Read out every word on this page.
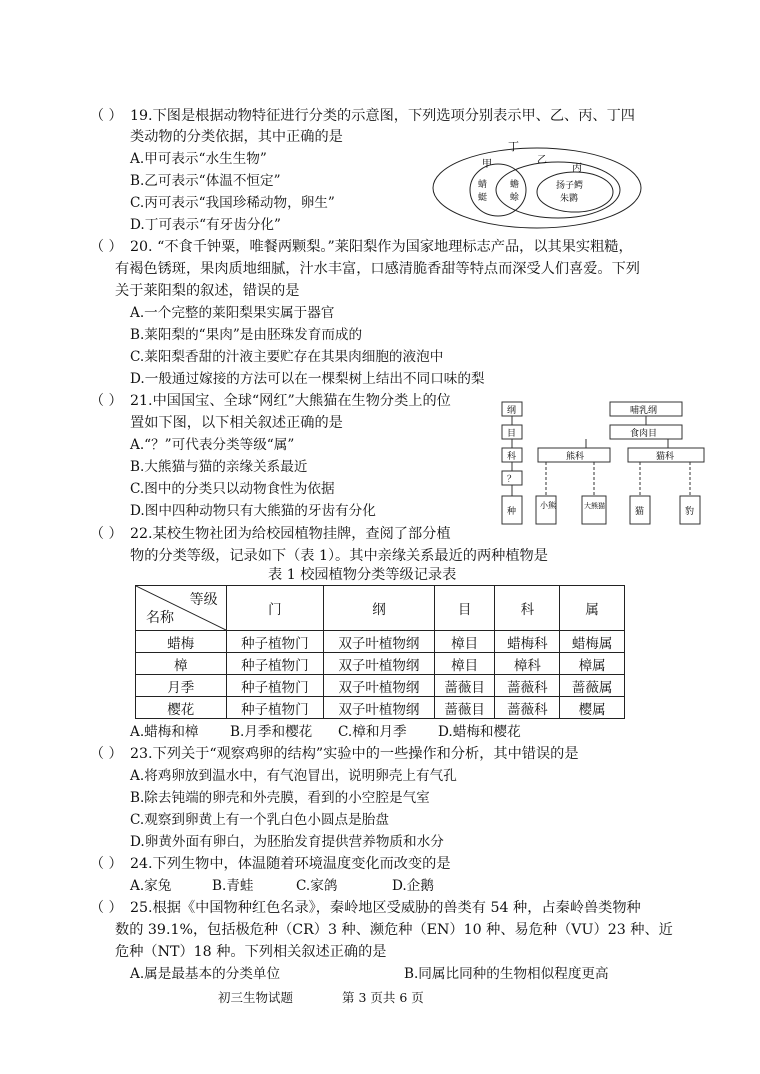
（ ） 19.下图是根据动物特征进行分类的示意图，下列选项分别表示甲、乙、丙、丁四
类动物的分类依据，其中正确的是
A.甲可表示“水生生物”
B.乙可表示“体温不恒定”
C.丙可表示“我国珍稀动物，卵生”
D.丁可表示“有牙齿分化”
丁
甲	乙
丙
蜻
蜓
蟾
蜍
扬子鳄
朱鹮
（ ） 20. “不食千钟粟，唯餐两颗梨。”莱阳梨作为国家地理标志产品，以其果实粗糙，
有褐色锈斑，果肉质地细腻，汁水丰富，口感清脆香甜等特点而深受人们喜爱。下列
关于莱阳梨的叙述，错误的是
A.一个完整的莱阳梨果实属于器官
B.莱阳梨的“果肉”是由胚珠发育而成的
C.莱阳梨香甜的汁液主要贮存在其果肉细胞的液泡中
D.一般通过嫁接的方法可以在一棵梨树上结出不同口味的梨
（ ） 21.中国国宝、全球“网红”大熊猫在生物分类上的位
置如下图，以下相关叙述正确的是
A.“？”可代表分类等级“属”
B.大熊猫与猫的亲缘关系最近
C.图中的分类只以动物食性为依据
D.图中四种动物只有大熊猫的牙齿有分化
纲
目
科
？
种
哺乳纲
食肉目
熊科	猫科
小熊	大熊猫
猫	豹
（ ） 22.某校生物社团为给校园植物挂牌，查阅了部分植
物的分类等级，记录如下（表 1）。其中亲缘关系最近的两种植物是
表 1 校园植物分类等级记录表
等级
名称	门	纲	目	科	属
蜡梅	种子植物门	双子叶植物纲	樟目	蜡梅科	蜡梅属
樟	种子植物门	双子叶植物纲	樟目	樟科	樟属
月季	种子植物门	双子叶植物纲	蔷薇目	蔷薇科	蔷薇属
樱花	种子植物门	双子叶植物纲	蔷薇目	蔷薇科	樱属
A.蜡梅和樟 B.月季和樱花 C.樟和月季 D.蜡梅和樱花
（ ） 23.下列关于“观察鸡卵的结构”实验中的一些操作和分析，其中错误的是
A.将鸡卵放到温水中，有气泡冒出，说明卵壳上有气孔
B.除去钝端的卵壳和外壳膜，看到的小空腔是气室
C.观察到卵黄上有一个乳白色小圆点是胎盘
D.卵黄外面有卵白，为胚胎发育提供营养物质和水分
（ ） 24.下列生物中，体温随着环境温度变化而改变的是
A.家兔	B.青蛙	C.家鸽	D.企鹅
（ ） 25.根据《中国物种红色名录》，秦岭地区受威胁的兽类有 54 种，占秦岭兽类物种
数的 39.1%，包括极危种（CR）3 种、濒危种（EN）10 种、易危种（VU）23 种、近
危种（NT）18 种。下列相关叙述正确的是
A.属是最基本的分类单位	B.同属比同种的生物相似程度更高
初三生物试题	第 3 页共 6 页
